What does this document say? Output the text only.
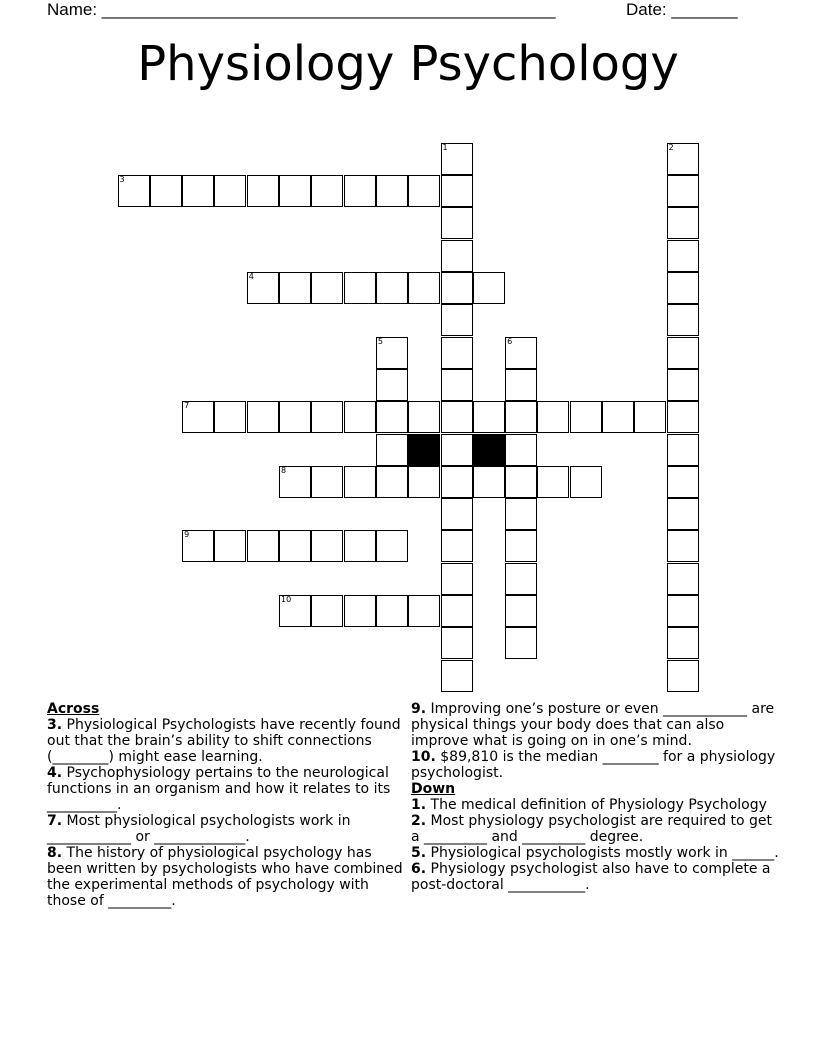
Name: ________________________________________________	Date: _______
Physiology Psychology
1	2
3
4
5	6
7
8
9
10
Across

3. Physiological Psychologists have recently found out that the brain’s ability to shift connections (________) might ease learning.

4. Psychophysiology pertains to the neurological functions in an organism and how it relates to its __________.

7. Most physiological psychologists work in ____________ or _____________.

8. The history of physiological psychology has been written by psychologists who have combined the experimental methods of psychology with those of _________.

9. Improving one’s posture or even ____________ are physical things your body does that can also improve what is going on in one’s mind.

10. $89,810 is the median ________ for a physiology psychologist.

Down

1. The medical definition of Physiology Psychology

2. Most physiology psychologist are required to get a _________ and _________ degree.

5. Physiological psychologists mostly work in ______.

6. Physiology psychologist also have to complete a post-doctoral ___________.
